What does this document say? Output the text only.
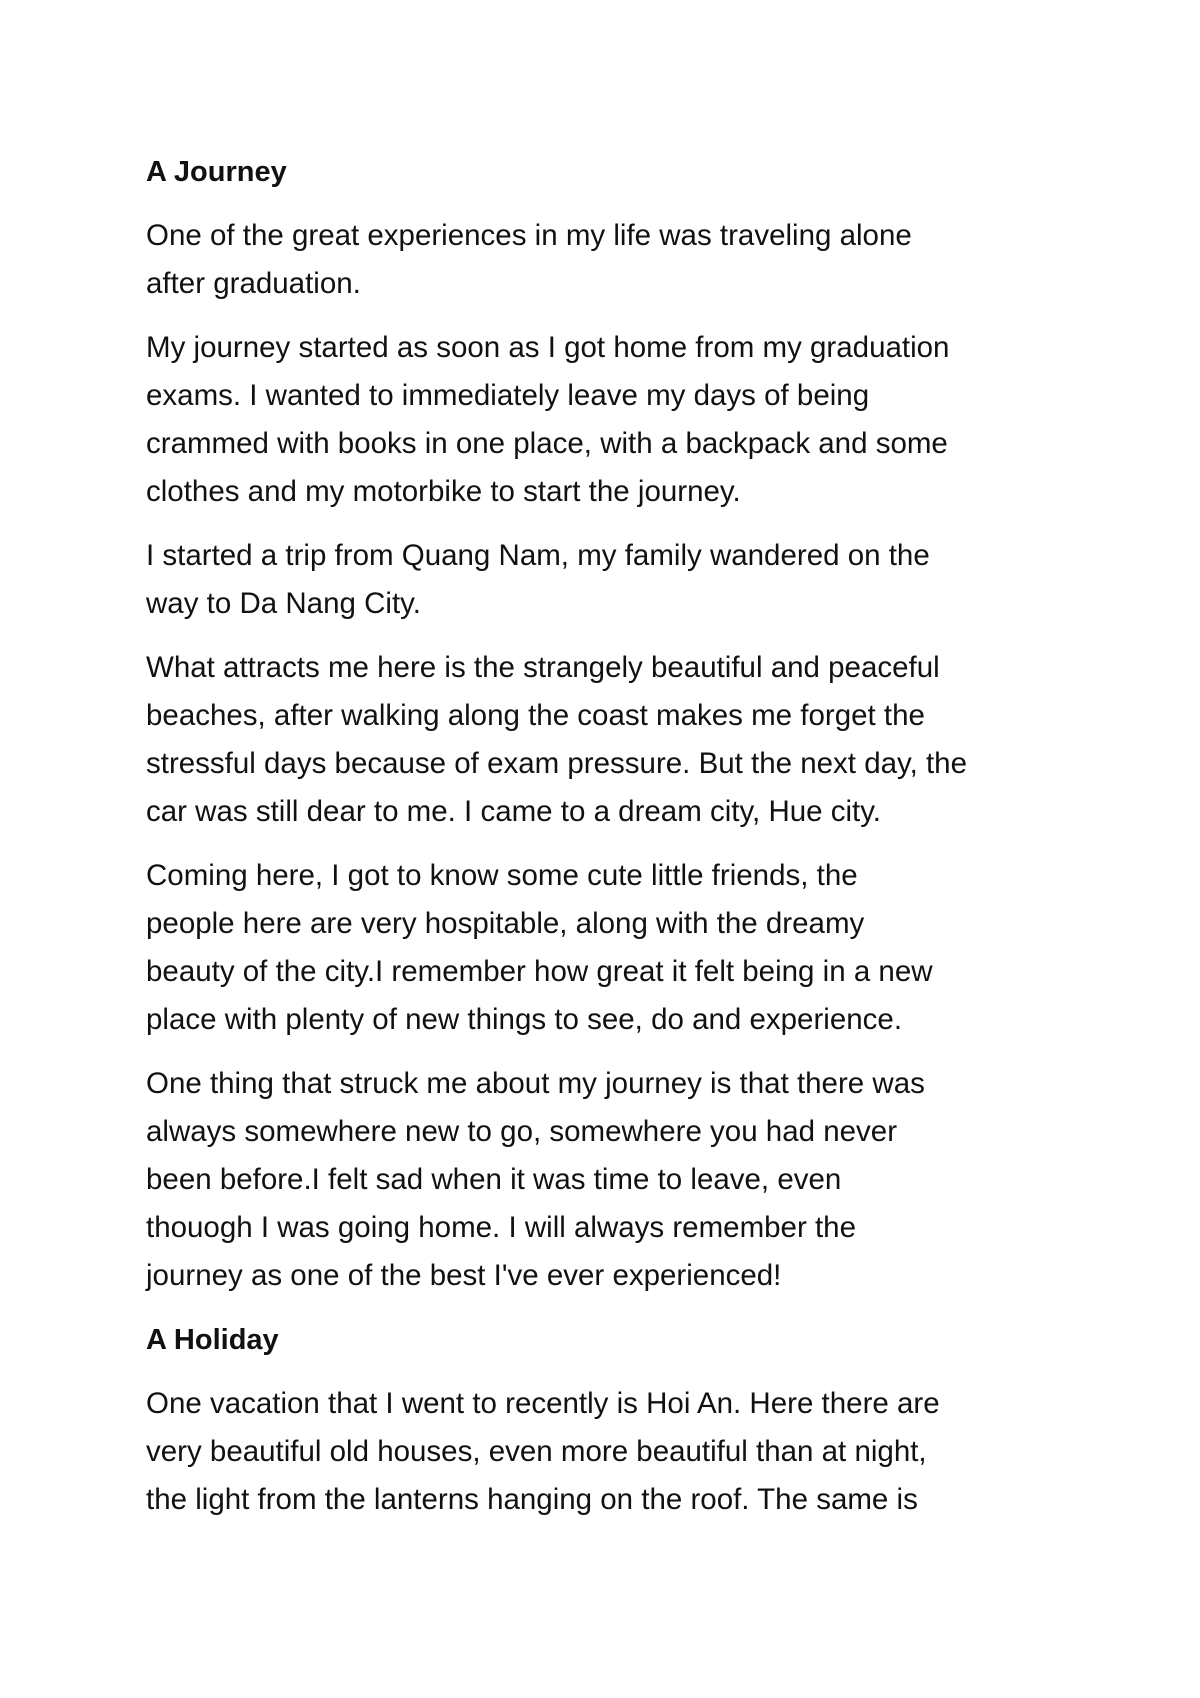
A Journey

One of the great experiences in my life was traveling alone
after graduation.

My journey started as soon as I got home from my graduation
exams. I wanted to immediately leave my days of being
crammed with books in one place, with a backpack and some
clothes and my motorbike to start the journey.

I started a trip from Quang Nam, my family wandered on the
way to Da Nang City.

What attracts me here is the strangely beautiful and peaceful
beaches, after walking along the coast makes me forget the
stressful days because of exam pressure. But the next day, the
car was still dear to me. I came to a dream city, Hue city.

Coming here, I got to know some cute little friends, the
people here are very hospitable, along with the dreamy
beauty of the city.I remember how great it felt being in a new
place with plenty of new things to see, do and experience.

One thing that struck me about my journey is that there was
always somewhere new to go, somewhere you had never
been before.I felt sad when it was time to leave, even
thouogh I was going home. I will always remember the
journey as one of the best I've ever experienced!

A Holiday

One vacation that I went to recently is Hoi An. Here there are
very beautiful old houses, even more beautiful than at night,
the light from the lanterns hanging on the roof. The same is
